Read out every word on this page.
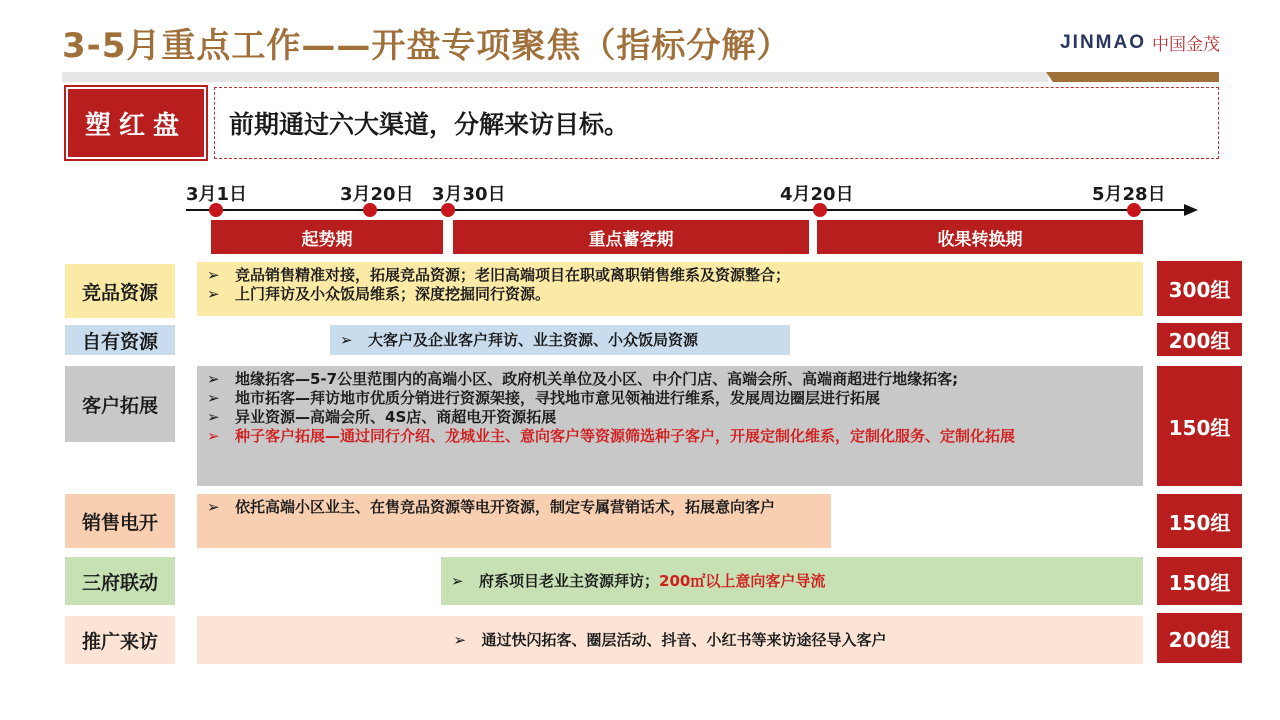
3-5月重点工作——开盘专项聚焦（指标分解）	JINMAO 中国金茂
塑红盘	前期通过六大渠道，分解来访目标。
3月1日	3月20日 3月30日	4月20日	5月28日
起势期	重点蓄客期	收果转换期
竞品资源
➢	竞品销售精准对接，拓展竞品资源；老旧高端项目在职或离职销售维系及资源整合；
➢	上门拜访及小众饭局维系；深度挖掘同行资源。	300组
自有资源	➢	大客户及企业客户拜访、业主资源、小众饭局资源	200组
客户拓展
➢	地缘拓客—5-7公里范围内的高端小区、政府机关单位及小区、中介门店、高端会所、高端商超进行地缘拓客;
➢	地市拓客—拜访地市优质分销进行资源架接，寻找地市意见领袖进行维系，发展周边圈层进行拓展
➢	异业资源—高端会所、4S店、商超电开资源拓展
➢	种子客户拓展—通过同行介绍、龙城业主、意向客户等资源筛选种子客户，开展定制化维系，定制化服务、定制化拓展	150组
销售电开
➢	依托高端小区业主、在售竞品资源等电开资源，制定专属营销话术，拓展意向客户
150组
三府联动	➢	府系项目老业主资源拜访； 200㎡以上意向客户导流	150组
推广来访	➢	通过快闪拓客、圈层活动、抖音、小红书等来访途径导入客户	200组
